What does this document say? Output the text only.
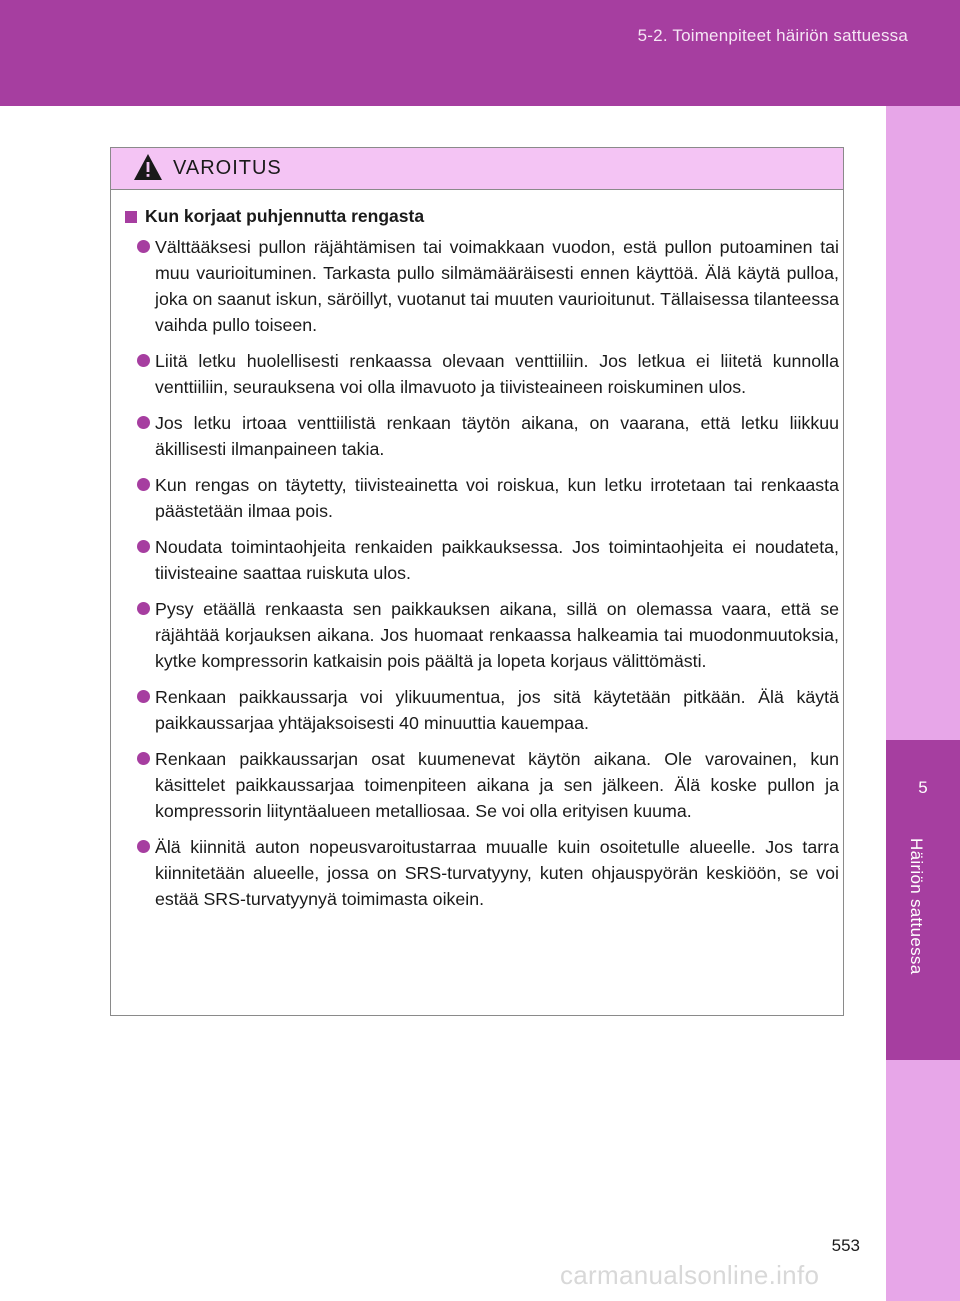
5-2. Toimenpiteet häiriön sattuessa
5
Häiriön sattuessa
VAROITUS
Kun korjaat puhjennutta rengasta
Välttääksesi pullon räjähtämisen tai voimakkaan vuodon, estä pullon putoaminen tai muu vaurioituminen. Tarkasta pullo silmämääräisesti ennen käyttöä. Älä käytä pulloa, joka on saanut iskun, säröillyt, vuotanut tai muuten vaurioitunut. Tällaisessa tilanteessa vaihda pullo toiseen.
Liitä letku huolellisesti renkaassa olevaan venttiiliin. Jos letkua ei liitetä kunnolla venttiiliin, seurauksena voi olla ilmavuoto ja tiivisteaineen roiskuminen ulos.
Jos letku irtoaa venttiilistä renkaan täytön aikana, on vaarana, että letku liikkuu äkillisesti ilmanpaineen takia.
Kun rengas on täytetty, tiivisteainetta voi roiskua, kun letku irrotetaan tai renkaasta päästetään ilmaa pois.
Noudata toimintaohjeita renkaiden paikkauksessa. Jos toimintaohjeita ei noudateta, tiivisteaine saattaa ruiskuta ulos.
Pysy etäällä renkaasta sen paikkauksen aikana, sillä on olemassa vaara, että se räjähtää korjauksen aikana. Jos huomaat renkaassa halkeamia tai muodonmuutoksia, kytke kompressorin katkaisin pois päältä ja lopeta korjaus välittömästi.
Renkaan paikkaussarja voi ylikuumentua, jos sitä käytetään pitkään. Älä käytä paikkaussarjaa yhtäjaksoisesti 40 minuuttia kauempaa.
Renkaan paikkaussarjan osat kuumenevat käytön aikana. Ole varovainen, kun käsittelet paikkaussarjaa toimenpiteen aikana ja sen jälkeen. Älä koske pullon ja kompressorin liityntäalueen metalliosaa. Se voi olla erityisen kuuma.
Älä kiinnitä auton nopeusvaroitustarraa muualle kuin osoitetulle alueelle. Jos tarra kiinnitetään alueelle, jossa on SRS-turvatyyny, kuten ohjauspyörän keskiöön, se voi estää SRS-turvatyynyä toimimasta oikein.
553
carmanualsonline.info
